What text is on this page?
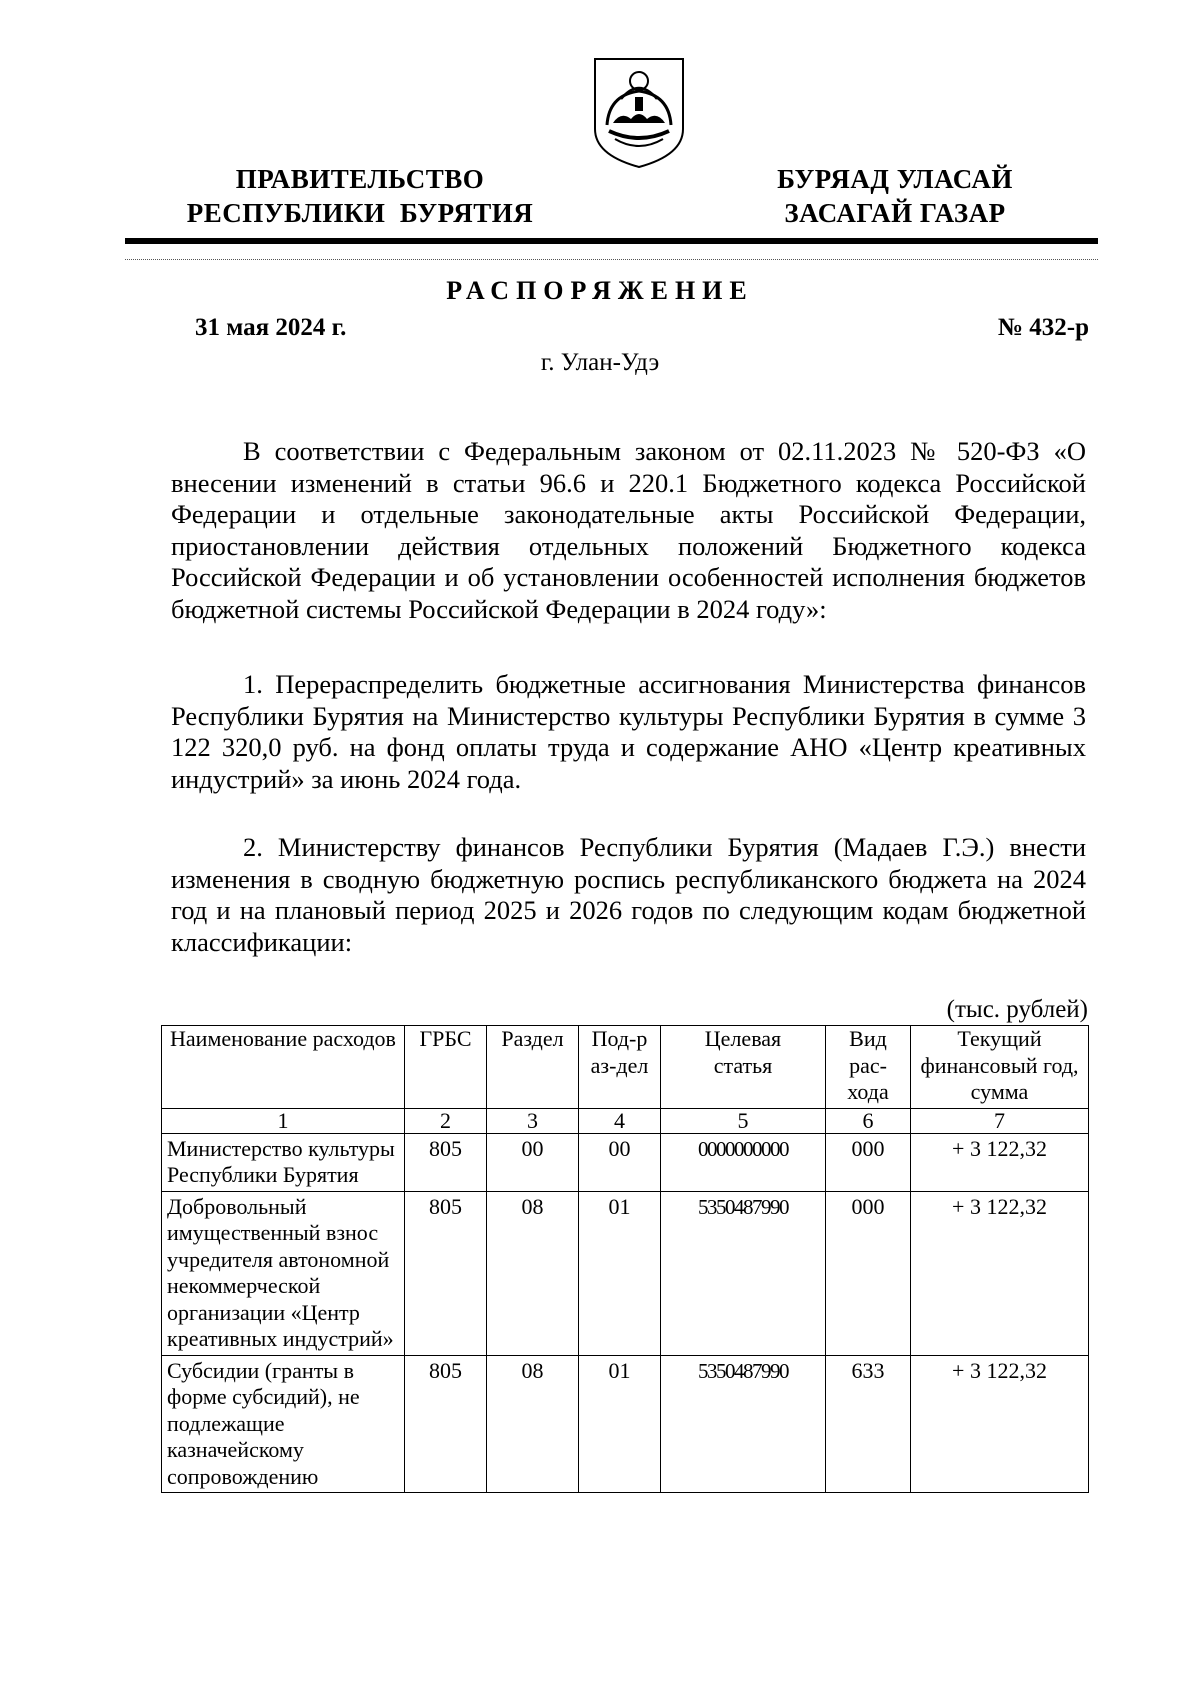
ПРАВИТЕЛЬСТВО
РЕСПУБЛИКИ  БУРЯТИЯ
БУРЯАД УЛАСАЙ
ЗАСАГАЙ ГАЗАР
РАСПОРЯЖЕНИЕ
31 мая 2024 г.	№ 432-р
г. Улан-Удэ
В соответствии с Федеральным законом от 02.11.2023 № 520-ФЗ «О внесении изменений в статьи 96.6 и 220.1 Бюджетного кодекса Российской Федерации и отдельные законодательные акты Российской Федерации, приостановлении действия отдельных положений Бюджетного кодекса Российской Федерации и об установлении особенностей исполнения бюджетов бюджетной системы Российской Федерации в 2024 году»:
1. Перераспределить бюджетные ассигнования Министерства финансов Республики Бурятия на Министерство культуры Республики Бурятия в сумме 3 122 320,0 руб. на фонд оплаты труда и содержание АНО «Центр креативных индустрий» за июнь 2024 года.
2. Министерству финансов Республики Бурятия (Мадаев Г.Э.) внести изменения в сводную бюджетную роспись республиканского бюджета на 2024 год и на плановый период 2025 и 2026 годов по следующим кодам бюджетной классификации:
(тыс. рублей)
Наименование расходов	ГРБС	Раздел	Под-раз-дел	Целевая статья	Вид рас-хода	Текущий финансовый год, сумма
1	2	3	4	5	6	7
Министерство культуры Республики Бурятия	805	00	00	0000000000	000	+ 3 122,32
Добровольный имущественный взнос учредителя автономной некоммерческой организации «Центр креативных индустрий»	805	08	01	5350487990	000	+ 3 122,32
Субсидии (гранты в форме субсидий), не подлежащие казначейскому сопровождению	805	08	01	5350487990	633	+ 3 122,32
